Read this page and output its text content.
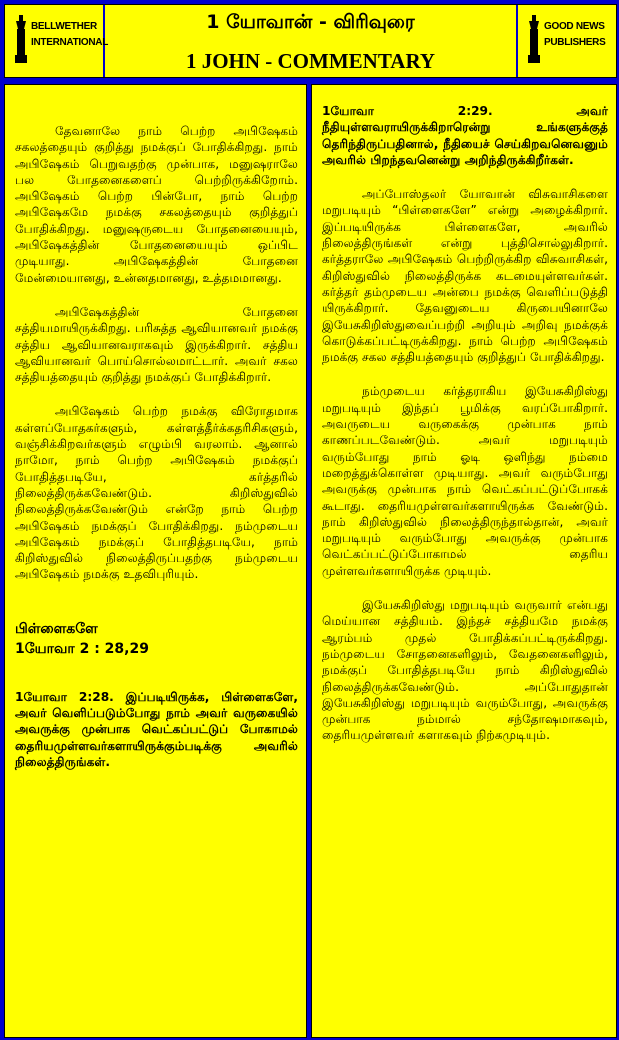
BELLWETHER
INTERNATIONAL
1 யோவான் - விரிவுரை
1 JOHN - COMMENTARY
GOOD NEWS
PUBLISHERS

தேவனாலே நாம் பெற்ற அபிஷேகம் சகலத்தையும் குறித்து நமக்குப் போதிக்கிறது. நாம் அபிஷேகம் பெறுவதற்கு முன்பாக, மனுஷராலே பல போதனைகளைப் பெற்றிருக்கிறோம். அபிஷேகம் பெற்ற பின்போ, நாம் பெற்ற அபிஷேகமே நமக்கு சகலத்தையும் குறித்துப் போதிக்கிறது. மனுஷருடைய போதனையையும், அபிஷேகத்தின் போதனையையும் ஒப்பிட முடியாது. அபிஷேகத்தின் போதனை மேன்மையானது, உன்னதமானது, உத்தமமானது.

அபிஷேகத்தின் போதனை சத்தியமாயிருக்கிறது. பரிசுத்த ஆவியானவர் நமக்கு சத்திய ஆவியானவராகவும் இருக்கிறார். சத்திய ஆவியானவர் பொய்சொல்லமாட்டார். அவர் சகல சத்தியத்தையும் குறித்து நமக்குப் போதிக்கிறார்.

அபிஷேகம் பெற்ற நமக்கு விரோதமாக கள்ளப்போதகர்களும், கள்ளத்தீர்க்கதரிசிகளும், வஞ்சிக்கிறவர்களும் எழும்பி வரலாம். ஆனால் நாமோ, நாம் பெற்ற அபிஷேகம் நமக்குப் போதித்தபடியே, கர்த்தரில் நிலைத்திருக்கவேண்டும். கிறிஸ்துவில் நிலைத்திருக்கவேண்டும் என்றே நாம் பெற்ற அபிஷேகம் நமக்குப் போதிக்கிறது. நம்முடைய அபிஷேகம் நமக்குப் போதித்தபடியே, நாம் கிறிஸ்துவில் நிலைத்திருப்பதற்கு நம்முடைய அபிஷேகம் நமக்கு உதவிபுரியும்.

பிள்ளைகளே
1யோவா 2 : 28,29

1யோவா 2:28. இப்படியிருக்க, பிள்ளைகளே, அவர் வெளிப்படும்போது நாம் அவர் வருகையில் அவருக்கு முன்பாக வெட்கப்பட்டுப் போகாமல் தைரியமுள்ளவர்களாயிருக்கும்படிக்கு அவரில் நிலைத்திருங்கள்.

1யோவா 2:29. அவர் நீதியுள்ளவராயிருக்கிறாரென்று உங்களுக்குத் தெரிந்திருப்பதினால், நீதியைச் செய்கிறவனெவனும் அவரில் பிறந்தவனென்று அறிந்திருக்கிறீர்கள்.

அப்போஸ்தலர் யோவான் விசுவாசிகளை மறுபடியும் “பிள்ளைகளே” என்று அழைக்கிறார். இப்படியிருக்க பிள்ளைகளே, அவரில் நிலைத்திருங்கள் என்று புத்திசொல்லுகிறார். கர்த்தராலே அபிஷேகம் பெற்றிருக்கிற விசுவாசிகள், கிறிஸ்துவில் நிலைத்திருக்க கடமையுள்ளவர்கள். கர்த்தர் தம்முடைய அன்பை நமக்கு வெளிப்படுத்தி யிருக்கிறார். தேவனுடைய கிருபையினாலே இயேசுகிறிஸ்துவைப்பற்றி அறியும் அறிவு நமக்குக் கொடுக்கப்பட்டிருக்கிறது. நாம் பெற்ற அபிஷேகம் நமக்கு சகல சத்தியத்தையும் குறித்துப் போதிக்கிறது.

நம்முடைய கர்த்தராகிய இயேசுகிறிஸ்து மறுபடியும் இந்தப் பூமிக்கு வரப்போகிறார். அவருடைய வருகைக்கு முன்பாக நாம் காணப்படவேண்டும். அவர் மறுபடியும் வரும்போது நாம் ஓடி ஒளிந்து நம்மை மறைத்துக்கொள்ள முடியாது. அவர் வரும்போது அவருக்கு முன்பாக நாம் வெட்கப்பட்டுப்போகக் கூடாது. தைரியமுள்ளவர்களாயிருக்க வேண்டும். நாம் கிறிஸ்துவில் நிலைத்திருந்தால்தான், அவர் மறுபடியும் வரும்போது அவருக்கு முன்பாக வெட்கப்பட்டுப்போகாமல் தைரிய முள்ளவர்களாயிருக்க முடியும்.

இயேசுகிறிஸ்து மறுபடியும் வருவார் என்பது மெய்யான சத்தியம். இந்தச் சத்தியமே நமக்கு ஆரம்பம் முதல் போதிக்கப்பட்டிருக்கிறது. நம்முடைய சோதனைகளிலும், வேதனைகளிலும், நமக்குப் போதித்தபடியே நாம் கிறிஸ்துவில் நிலைத்திருக்கவேண்டும். அப்போதுதான் இயேசுகிறிஸ்து மறுபடியும் வரும்போது, அவருக்கு முன்பாக நம்மால் சந்தோஷமாகவும், தைரியமுள்ளவர் களாகவும் நிற்கமுடியும்.
